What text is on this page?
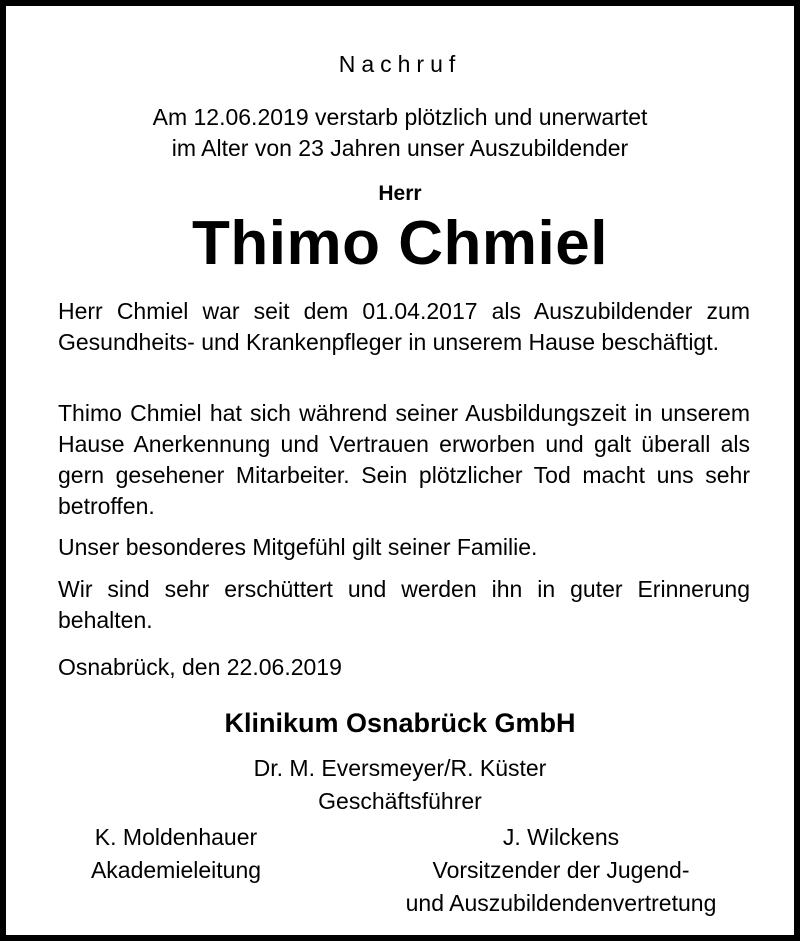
Nachruf
Am 12.06.2019 verstarb plötzlich und unerwartet
im Alter von 23 Jahren unser Auszubildender
Herr
Thimo Chmiel

Herr Chmiel war seit dem 01.04.2017 als Auszubildender zum Gesundheits- und Krankenpfleger in unserem Hause beschäftigt.

Thimo Chmiel hat sich während seiner Ausbildungszeit in unserem Hause Anerkennung und Vertrauen erworben und galt überall als gern gesehener Mitarbeiter. Sein plötzlicher Tod macht uns sehr betroffen.

Unser besonderes Mitgefühl gilt seiner Familie.

Wir sind sehr erschüttert und werden ihn in guter Erinnerung behalten.

Osnabrück, den 22.06.2019
Klinikum Osnabrück GmbH
Dr. M. Eversmeyer/R. Küster
Geschäftsführer
K. Moldenhauer
Akademieleitung
J. Wilckens
Vorsitzender der Jugend-
und Auszubildendenvertretung
